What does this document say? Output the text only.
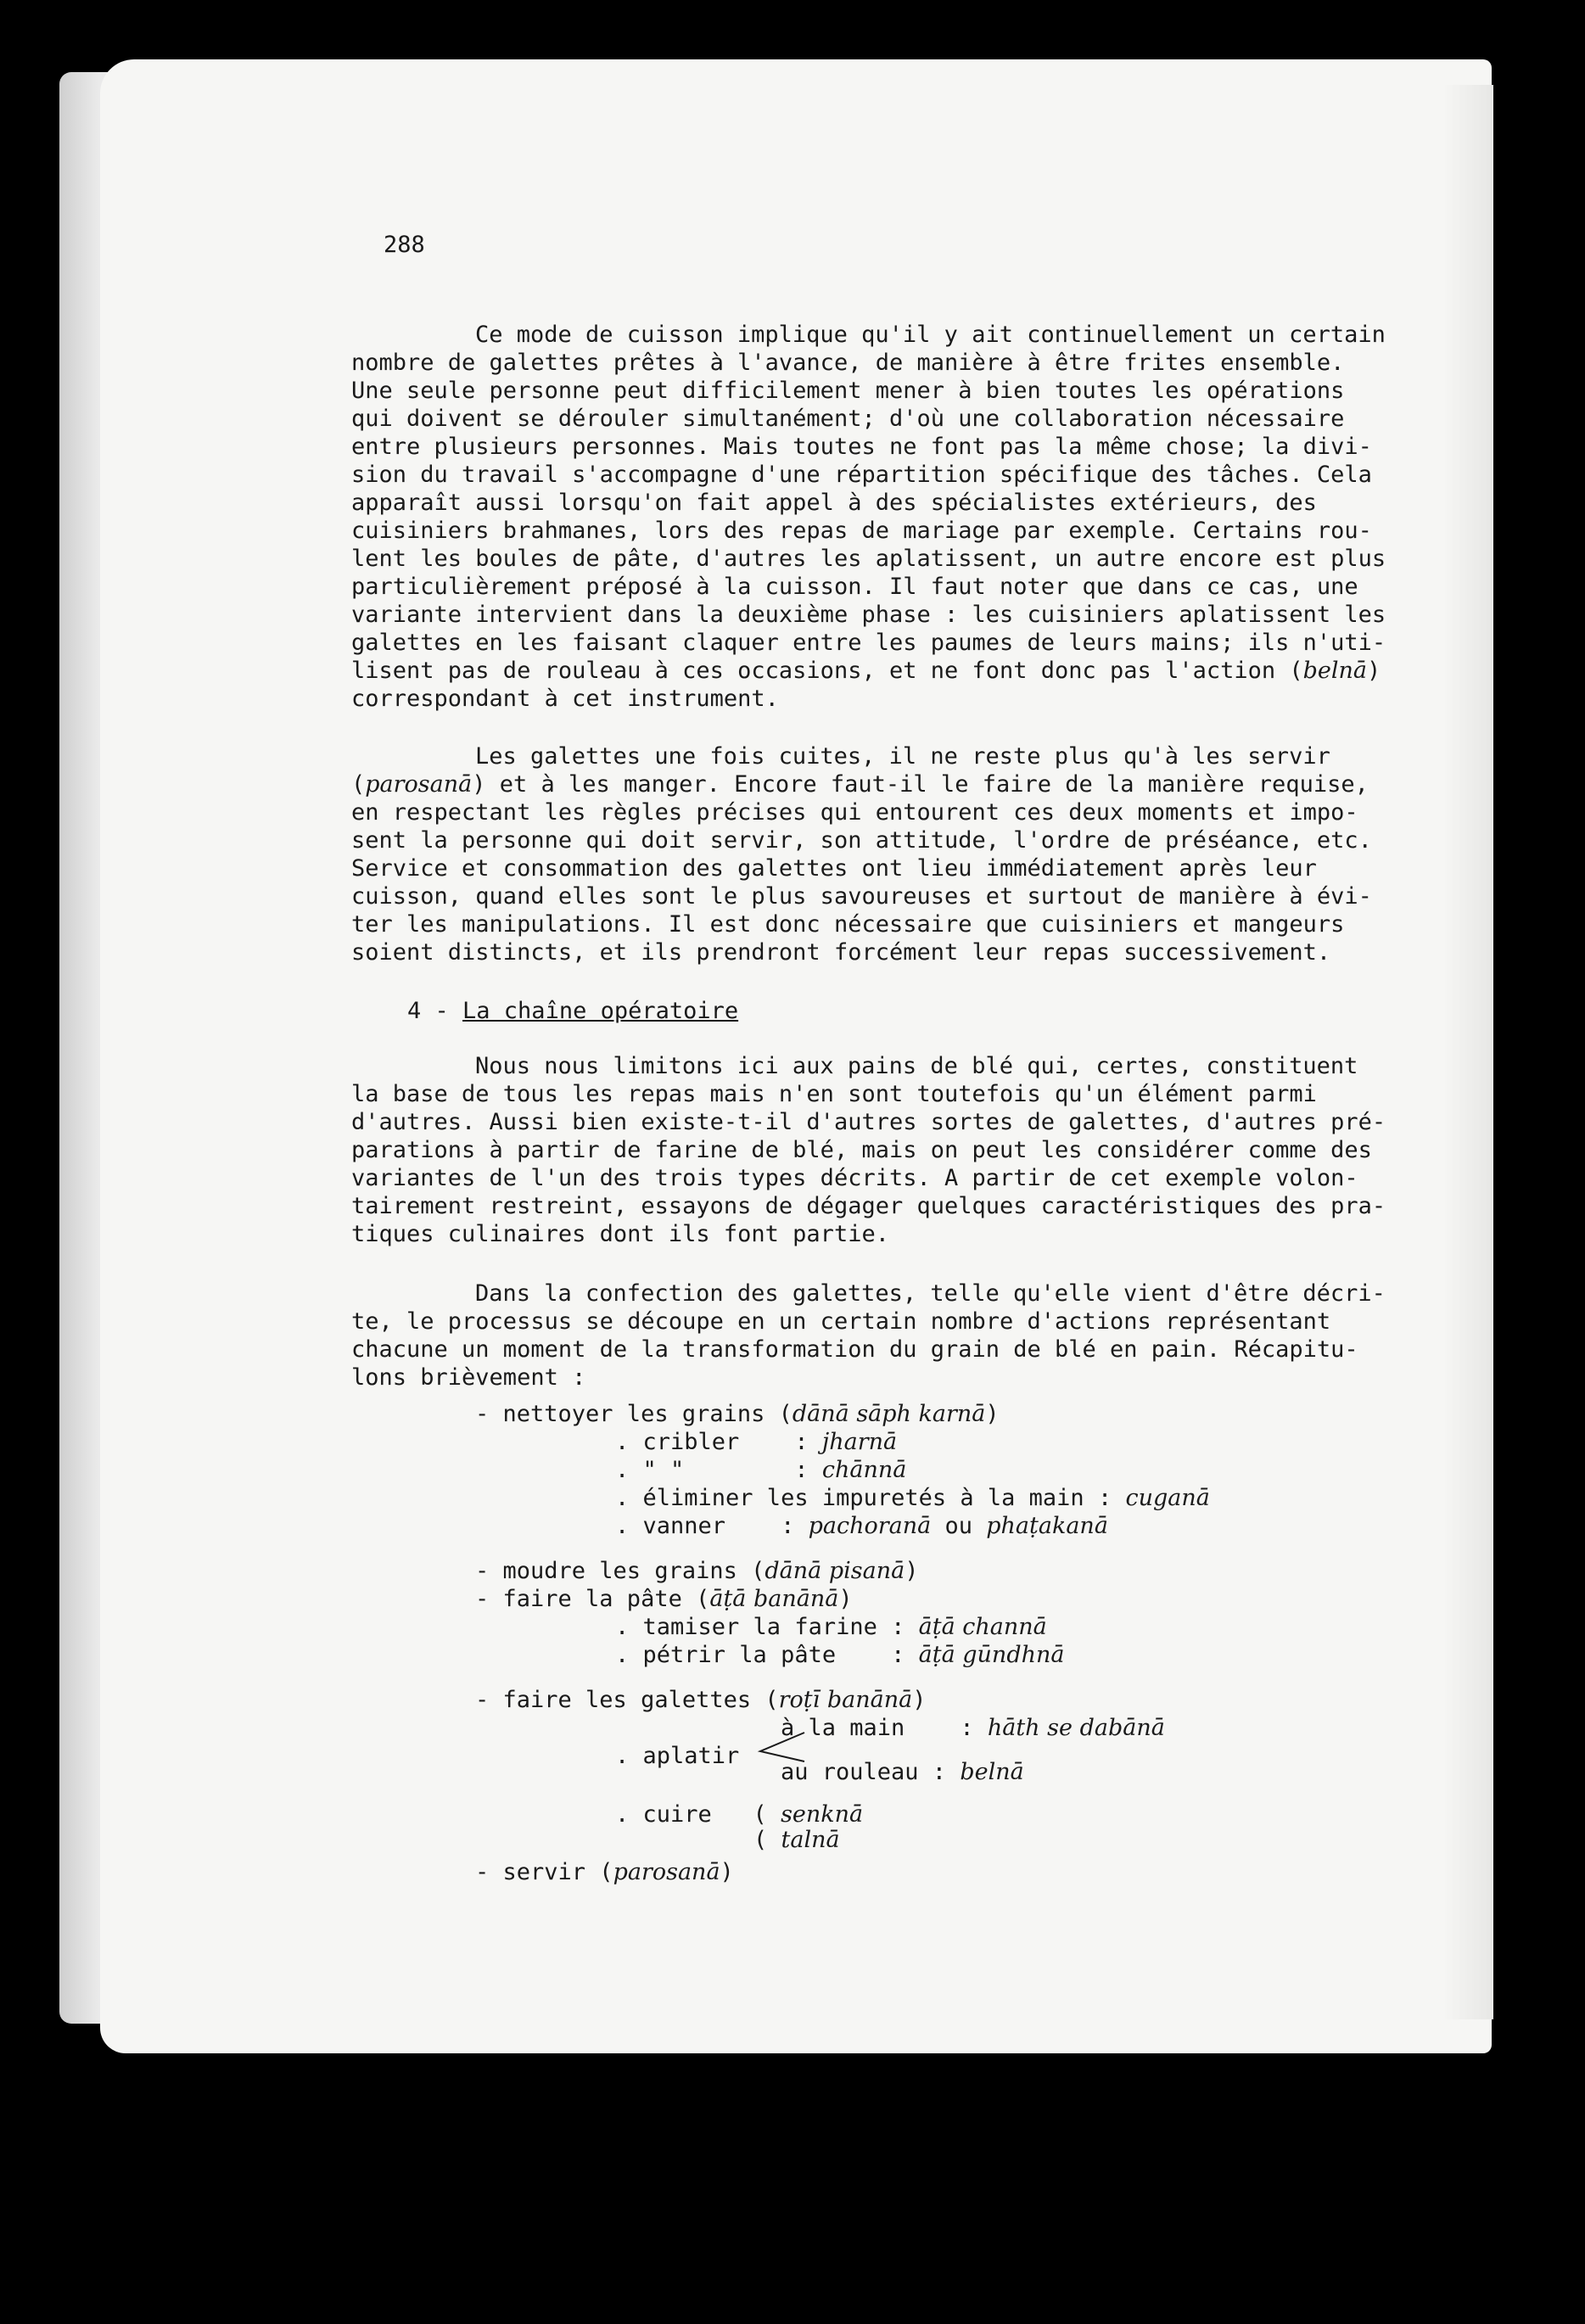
288

Ce mode de cuisson implique qu'il y ait continuellement un certain

nombre de galettes prêtes à l'avance, de manière à être frites ensemble.

Une seule personne peut difficilement mener à bien toutes les opérations

qui doivent se dérouler simultanément; d'où une collaboration nécessaire

entre plusieurs personnes. Mais toutes ne font pas la même chose; la divi-

sion du travail s'accompagne d'une répartition spécifique des tâches. Cela

apparaît aussi lorsqu'on fait appel à des spécialistes extérieurs, des

cuisiniers brahmanes, lors des repas de mariage par exemple. Certains rou-

lent les boules de pâte, d'autres les aplatissent, un autre encore est plus

particulièrement préposé à la cuisson. Il faut noter que dans ce cas, une

variante intervient dans la deuxième phase : les cuisiniers aplatissent les

galettes en les faisant claquer entre les paumes de leurs mains; ils n'uti-

lisent pas de rouleau à ces occasions, et ne font donc pas l'action (belnā)

correspondant à cet instrument.

Les galettes une fois cuites, il ne reste plus qu'à les servir

(parosanā) et à les manger. Encore faut-il le faire de la manière requise,

en respectant les règles précises qui entourent ces deux moments et impo-

sent la personne qui doit servir, son attitude, l'ordre de préséance, etc.

Service et consommation des galettes ont lieu immédiatement après leur

cuisson, quand elles sont le plus savoureuses et surtout de manière à évi-

ter les manipulations. Il est donc nécessaire que cuisiniers et mangeurs

soient distincts, et ils prendront forcément leur repas successivement.

4 - La chaîne opératoire

Nous nous limitons ici aux pains de blé qui, certes, constituent

la base de tous les repas mais n'en sont toutefois qu'un élément parmi

d'autres. Aussi bien existe-t-il d'autres sortes de galettes, d'autres pré-

parations à partir de farine de blé, mais on peut les considérer comme des

variantes de l'un des trois types décrits. A partir de cet exemple volon-

tairement restreint, essayons de dégager quelques caractéristiques des pra-

tiques culinaires dont ils font partie.

Dans la confection des galettes, telle qu'elle vient d'être décri-

te, le processus se découpe en un certain nombre d'actions représentant

chacune un moment de la transformation du grain de blé en pain. Récapitu-

lons brièvement :

- nettoyer les grains (dānā sāph karnā)

. cribler    : jharnā

. " "        : chānnā

. éliminer les impuretés à la main : cuganā

. vanner    : pachoranā ou phaṭakanā

- moudre les grains (dānā pisanā)

- faire la pâte (āṭā banānā)

. tamiser la farine : āṭā channā

. pétrir la pâte    : āṭā gūndhnā

- faire les galettes (roṭī banānā)

à la main    : hāth se dabānā

. aplatir

au rouleau : belnā

. cuire   ( senknā

( talnā

- servir (parosanā)
